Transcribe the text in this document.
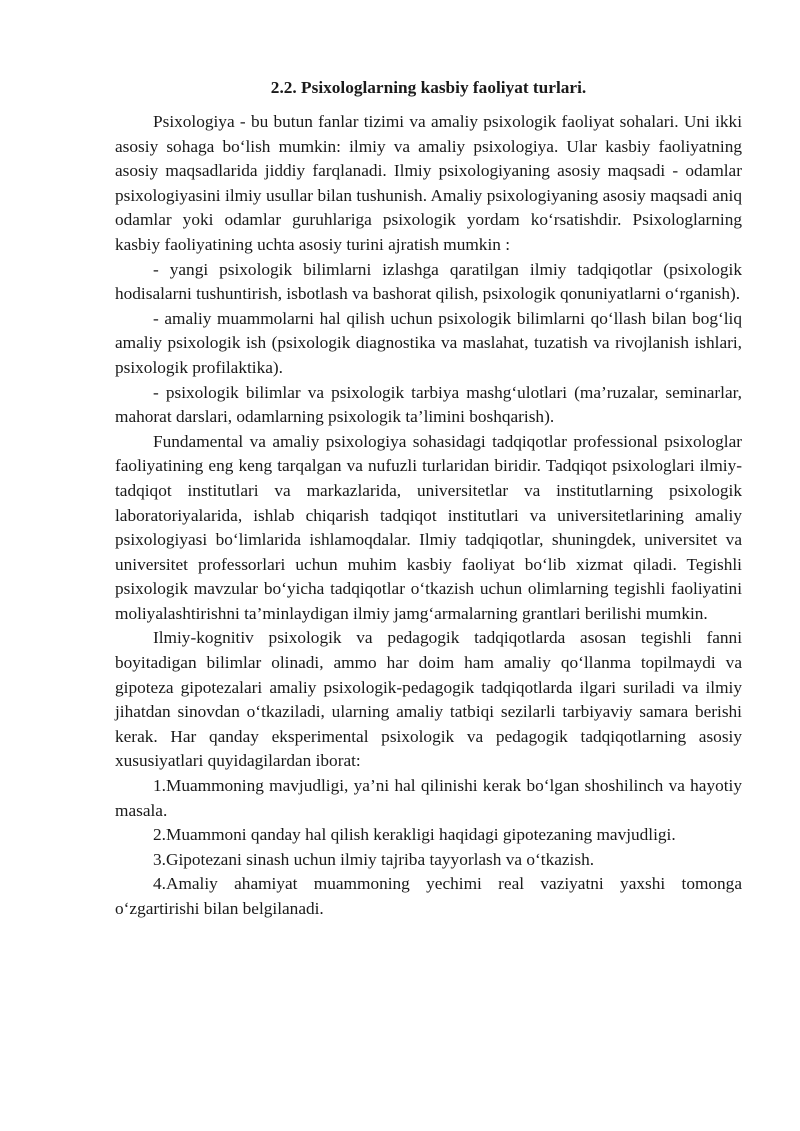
2.2. Psixologlarning kasbiy faoliyat turlari.

Psixologiya - bu butun fanlar tizimi va amaliy psixologik faoliyat sohalari. Uni ikki asosiy sohaga bo‘lish mumkin: ilmiy va amaliy psixologiya. Ular kasbiy faoliyatning asosiy maqsadlarida jiddiy farqlanadi. Ilmiy psixologiyaning asosiy maqsadi - odamlar psixologiyasini ilmiy usullar bilan tushunish. Amaliy psixologiyaning asosiy maqsadi aniq odamlar yoki odamlar guruhlariga psixologik yordam ko‘rsatishdir. Psixologlarning kasbiy faoliyatining uchta asosiy turini ajratish mumkin :

- yangi psixologik bilimlarni izlashga qaratilgan ilmiy tadqiqotlar (psixologik hodisalarni tushuntirish, isbotlash va bashorat qilish, psixologik qonuniyatlarni o‘rganish).

- amaliy muammolarni hal qilish uchun psixologik bilimlarni qo‘llash bilan bog‘liq amaliy psixologik ish (psixologik diagnostika va maslahat, tuzatish va rivojlanish ishlari, psixologik profilaktika).

- psixologik bilimlar va psixologik tarbiya mashg‘ulotlari (ma’ruzalar, seminarlar, mahorat darslari, odamlarning psixologik ta’limini boshqarish).

Fundamental va amaliy psixologiya sohasidagi tadqiqotlar professional psixologlar faoliyatining eng keng tarqalgan va nufuzli turlaridan biridir. Tadqiqot psixologlari ilmiy-tadqiqot institutlari va markazlarida, universitetlar va institutlarning psixologik laboratoriyalarida, ishlab chiqarish tadqiqot institutlari va universitetlarining amaliy psixologiyasi bo‘limlarida ishlamoqdalar. Ilmiy tadqiqotlar, shuningdek, universitet va universitet professorlari uchun muhim kasbiy faoliyat bo‘lib xizmat qiladi. Tegishli psixologik mavzular bo‘yicha tadqiqotlar o‘tkazish uchun olimlarning tegishli faoliyatini moliyalashtirishni ta’minlaydigan ilmiy jamg‘armalarning grantlari berilishi mumkin.

Ilmiy-kognitiv psixologik va pedagogik tadqiqotlarda asosan tegishli fanni boyitadigan bilimlar olinadi, ammo har doim ham amaliy qo‘llanma topilmaydi va gipoteza gipotezalari amaliy psixologik-pedagogik tadqiqotlarda ilgari suriladi va ilmiy jihatdan sinovdan o‘tkaziladi, ularning amaliy tatbiqi sezilarli tarbiyaviy samara berishi kerak. Har qanday eksperimental psixologik va pedagogik tadqiqotlarning asosiy xususiyatlari quyidagilardan iborat:

1.Muammoning mavjudligi, ya’ni hal qilinishi kerak bo‘lgan shoshilinch va hayotiy masala.

2.Muammoni qanday hal qilish kerakligi haqidagi gipotezaning mavjudligi.

3.Gipotezani sinash uchun ilmiy tajriba tayyorlash va o‘tkazish.

4.Amaliy ahamiyat muammoning yechimi real vaziyatni yaxshi tomonga o‘zgartirishi bilan belgilanadi.
